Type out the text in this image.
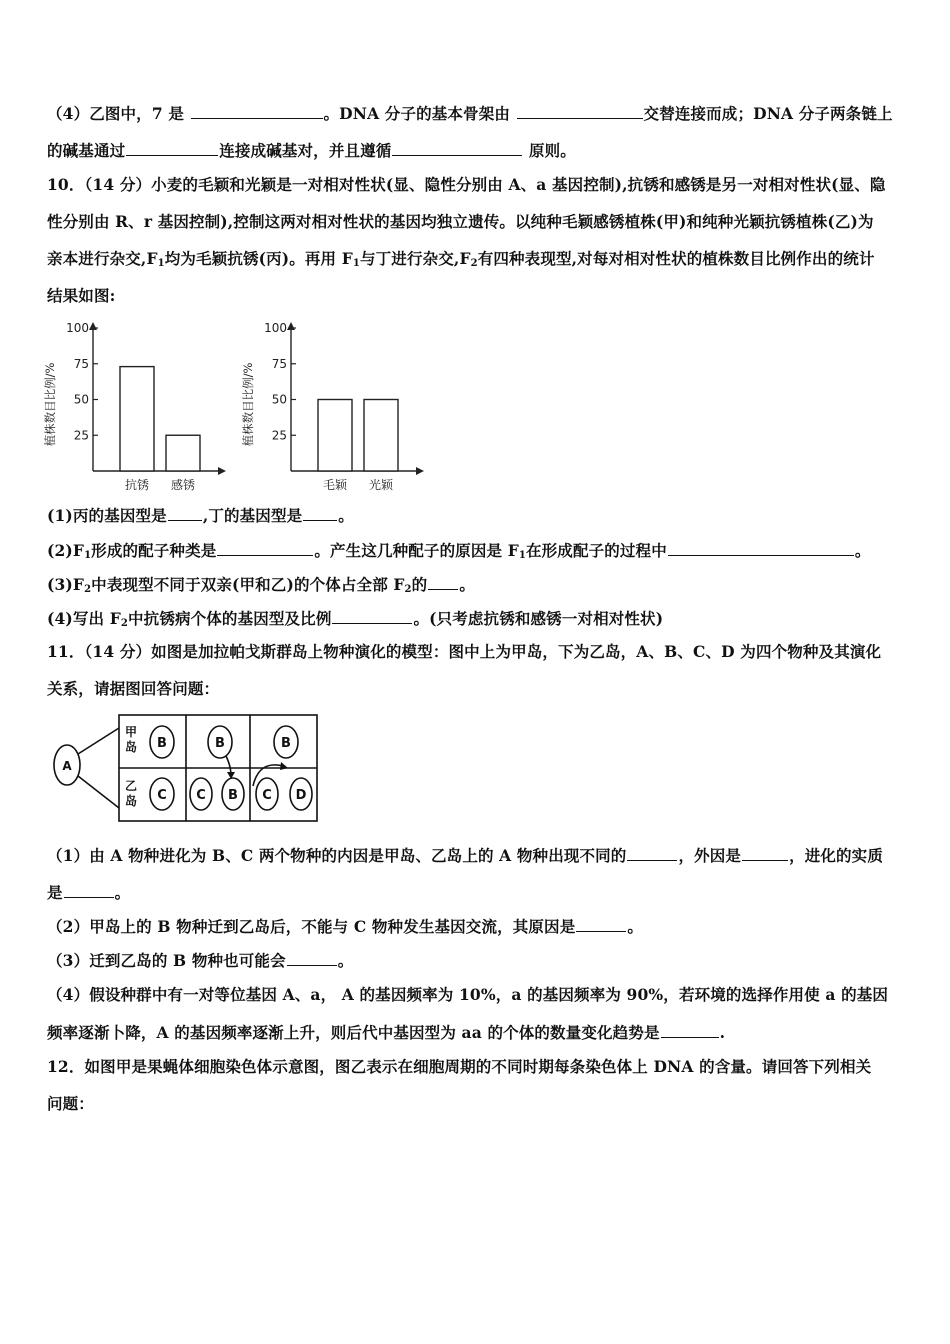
（4）乙图中，7 是	。DNA 分子的基本骨架由	交替连接而成；DNA 分子两条链上

的碱基通过	连接成碱基对，并且遵循	原则。

10．（14 分）小麦的毛颖和光颖是一对相对性状(显、隐性分别由 A、a 基因控制),抗锈和感锈是另一对相对性状(显、隐

性分别由 R、r 基因控制),控制这两对相对性状的基因均独立遗传。以纯种毛颖感锈植株(甲)和纯种光颖抗锈植株(乙)为

亲本进行杂交$,F_1$均为毛颖抗锈(丙)。再用 $F_1$与丁进行杂交$,F_2$有四种表现型,对每对相对性状的植株数目比例作出的统计

结果如图:

25
50
75
100
植株数目比例/%
抗锈 感锈
25
50
75
100
植株数目比例/%
毛颖 光颖

(1)丙的基因型是 ,丁的基因型是 。

$(2)F_1$形成的配子种类是	。产生这几种配子的原因是 $F_1$在形成配子的过程中	。

$(3)F_2$中表现型不同于双亲(甲和乙)的个体占全部 $F_2$的 。

(4)写出 $F_2$中抗锈病个体的基因型及比例	。(只考虑抗锈和感锈一对相对性状)

11．（14 分）如图是加拉帕戈斯群岛上物种演化的模型：图中上为甲岛，下为乙岛，A、B、C、D 为四个物种及其演化

关系，请据图回答问题：

A
甲
岛
乙
岛
B	B	B
C C B C D

（1）由 A 物种进化为 B、C 两个物种的内因是甲岛、乙岛上的 A 物种出现不同的	，外因是	，进化的实质

是	。

（2）甲岛上的 B 物种迁到乙岛后，不能与 C 物种发生基因交流，其原因是	。

（3）迁到乙岛的 B 物种也可能会	。

（4）假设种群中有一对等位基因 A、a， A 的基因频率为 10%，a 的基因频率为 90%，若环境的选择作用使 a 的基因

频率逐渐卜降，A 的基因频率逐渐上升，则后代中基因型为 aa 的个体的数量变化趋势是	.

12．如图甲是果蝇体细胞染色体示意图，图乙表示在细胞周期的不同时期每条染色体上 DNA 的含量。请回答下列相关

问题：
